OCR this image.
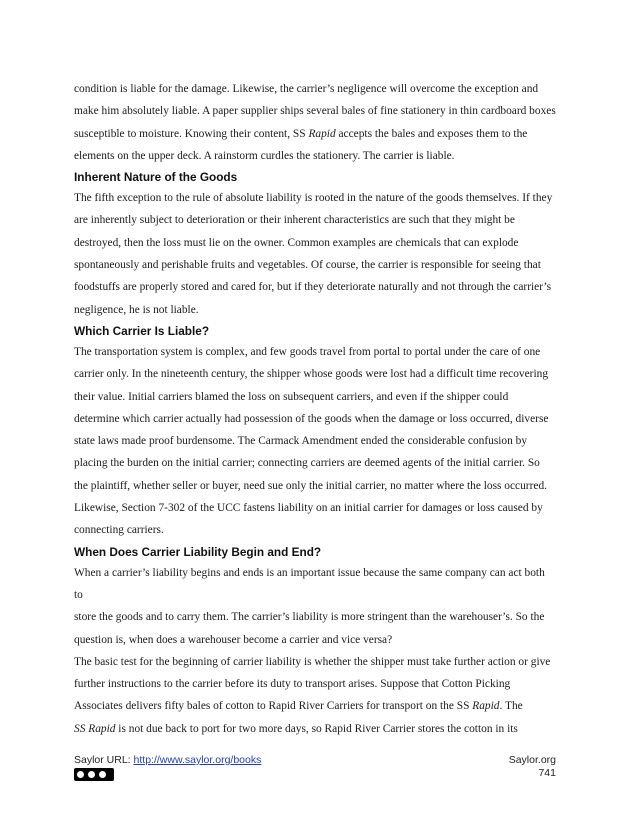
condition is liable for the damage. Likewise, the carrier’s negligence will overcome the exception and
make him absolutely liable. A paper supplier ships several bales of fine stationery in thin cardboard boxes
susceptible to moisture. Knowing their content, SS Rapid accepts the bales and exposes them to the
elements on the upper deck. A rainstorm curdles the stationery. The carrier is liable.
Inherent Nature of the Goods
The fifth exception to the rule of absolute liability is rooted in the nature of the goods themselves. If they
are inherently subject to deterioration or their inherent characteristics are such that they might be
destroyed, then the loss must lie on the owner. Common examples are chemicals that can explode
spontaneously and perishable fruits and vegetables. Of course, the carrier is responsible for seeing that
foodstuffs are properly stored and cared for, but if they deteriorate naturally and not through the carrier’s
negligence, he is not liable.
Which Carrier Is Liable?
The transportation system is complex, and few goods travel from portal to portal under the care of one
carrier only. In the nineteenth century, the shipper whose goods were lost had a difficult time recovering
their value. Initial carriers blamed the loss on subsequent carriers, and even if the shipper could
determine which carrier actually had possession of the goods when the damage or loss occurred, diverse
state laws made proof burdensome. The Carmack Amendment ended the considerable confusion by
placing the burden on the initial carrier; connecting carriers are deemed agents of the initial carrier. So
the plaintiff, whether seller or buyer, need sue only the initial carrier, no matter where the loss occurred.
Likewise, Section 7-302 of the UCC fastens liability on an initial carrier for damages or loss caused by
connecting carriers.
When Does Carrier Liability Begin and End?
When a carrier’s liability begins and ends is an important issue because the same company can act both to
store the goods and to carry them. The carrier’s liability is more stringent than the warehouser’s. So the
question is, when does a warehouser become a carrier and vice versa?
The basic test for the beginning of carrier liability is whether the shipper must take further action or give
further instructions to the carrier before its duty to transport arises. Suppose that Cotton Picking
Associates delivers fifty bales of cotton to Rapid River Carriers for transport on the SS Rapid. The
SS Rapid is not due back to port for two more days, so Rapid River Carrier stores the cotton in its
Saylor URL: http://www.saylor.org/books	Saylor.org
741
